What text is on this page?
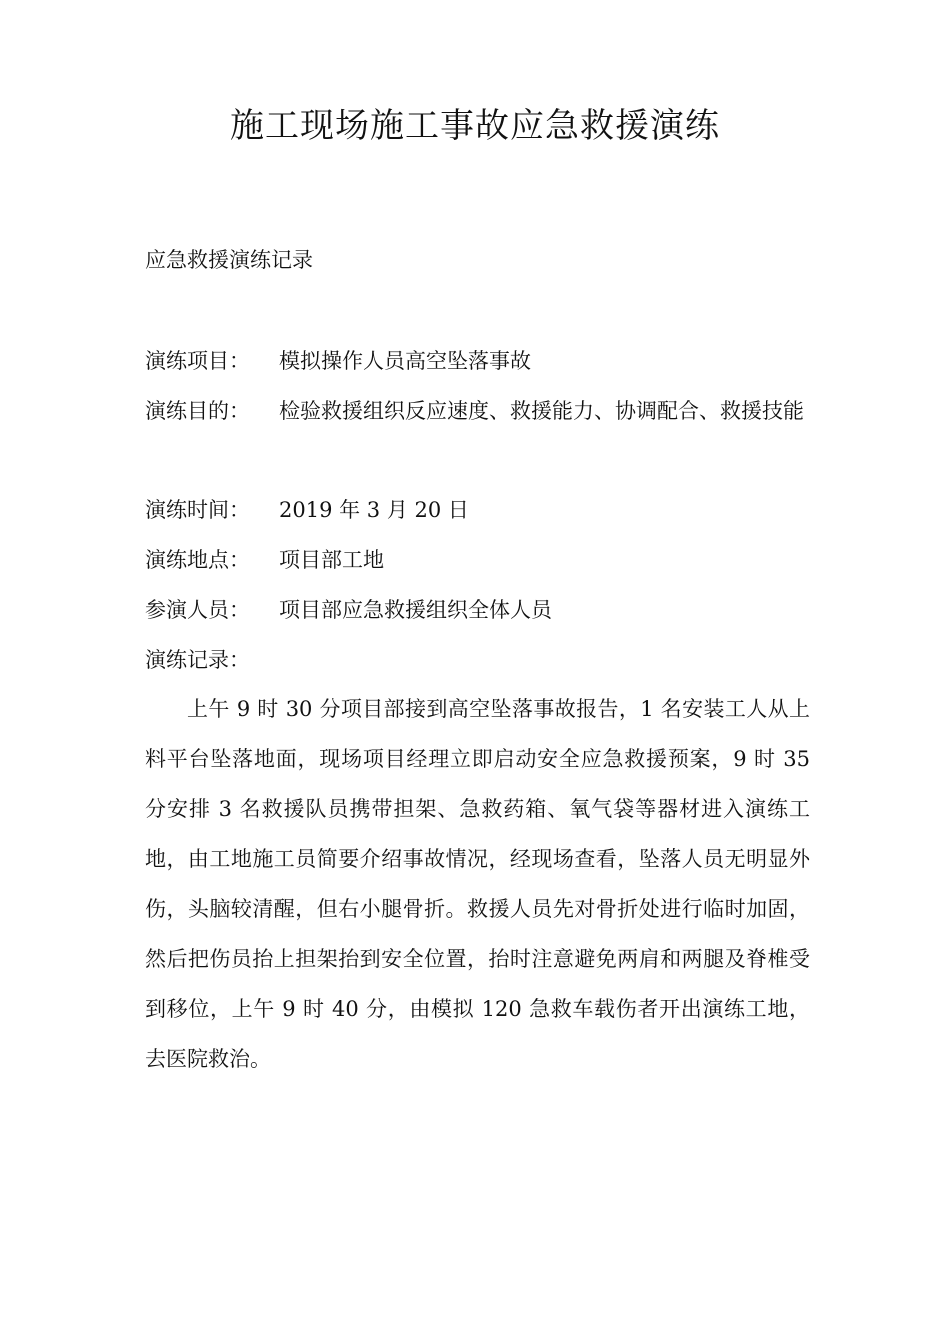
施工现场施工事故应急救援演练
应急救援演练记录
演练项目： 模拟操作人员高空坠落事故
演练目的：	检验救援组织反应速度、救援能力、协调配合、救援技能
演练时间： 2019 年 3 月 20 日
演练地点： 项目部工地
参演人员： 项目部应急救援组织全体人员
演练记录：

上午 9 时 30 分项目部接到高空坠落事故报告，1 名安装工人从上料平台坠落地面，现场项目经理立即启动安全应急救援预案，9 时 35 分安排 3 名救援队员携带担架、急救药箱、氧气袋等器材进入演练工地，由工地施工员简要介绍事故情况，经现场查看，坠落人员无明显外伤，头脑较清醒，但右小腿骨折。救援人员先对骨折处进行临时加固，然后把伤员抬上担架抬到安全位置，抬时注意避免两肩和两腿及脊椎受到移位，上午 9 时 40 分，由模拟 120 急救车载伤者开出演练工地，去医院救治。
